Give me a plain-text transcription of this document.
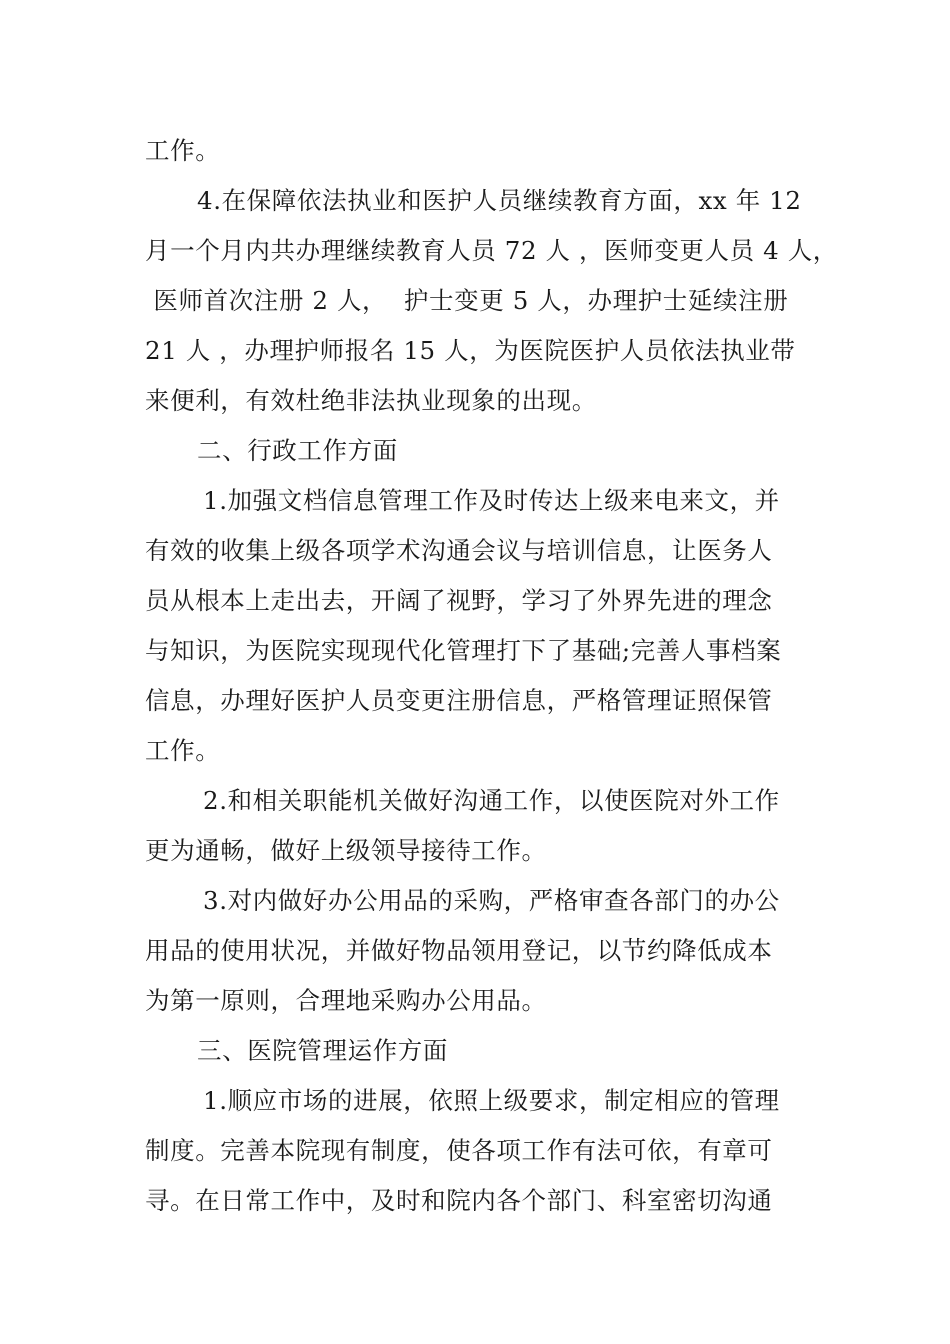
工作。
4.在保障依法执业和医护人员继续教育方面，xx 年 12
月一个月内共办理继续教育人员 72 人 ，医师变更人员 4 人，
医师首次注册 2 人，  护士变更 5 人，办理护士延续注册
21 人 ，办理护师报名 15 人，为医院医护人员依法执业带
来便利，有效杜绝非法执业现象的出现。
二、行政工作方面
1.加强文档信息管理工作及时传达上级来电来文，并
有效的收集上级各项学术沟通会议与培训信息，让医务人
员从根本上走出去，开阔了视野，学习了外界先进的理念
与知识，为医院实现现代化管理打下了基础;完善人事档案
信息，办理好医护人员变更注册信息，严格管理证照保管
工作。
2.和相关职能机关做好沟通工作，以使医院对外工作
更为通畅，做好上级领导接待工作。
3.对内做好办公用品的采购，严格审查各部门的办公
用品的使用状况，并做好物品领用登记，以节约降低成本
为第一原则，合理地采购办公用品。
三、医院管理运作方面
1.顺应市场的进展，依照上级要求，制定相应的管理
制度。完善本院现有制度，使各项工作有法可依，有章可
寻。在日常工作中，及时和院内各个部门、科室密切沟通
